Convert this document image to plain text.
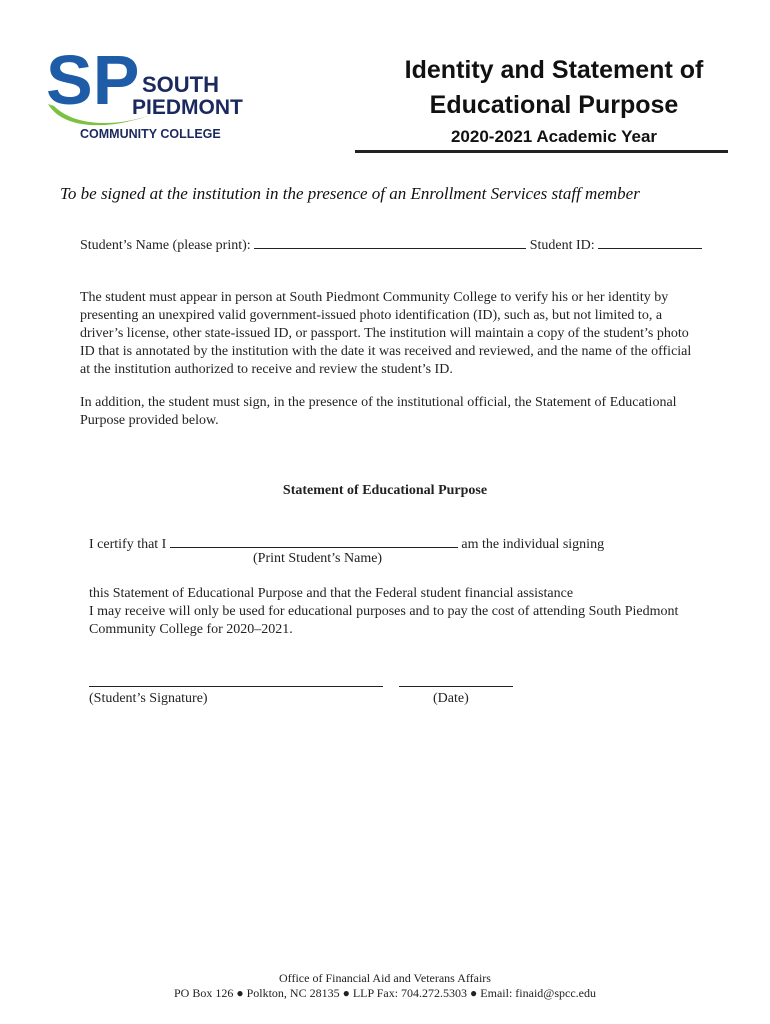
SP SOUTH
PIEDMONT
COMMUNITY COLLEGE
Identity and Statement of
Educational Purpose
2020-2021 Academic Year
To be signed at the institution in the presence of an Enrollment Services staff member
Student’s Name (please print):	Student ID:
The student must appear in person at South Piedmont Community College to verify his or her identity by
presenting an unexpired valid government-issued photo identification (ID), such as, but not limited to, a
driver’s license, other state-issued ID, or passport. The institution will maintain a copy of the student’s photo
ID that is annotated by the institution with the date it was received and reviewed, and the name of the official
at the institution authorized to receive and review the student’s ID.
In addition, the student must sign, in the presence of the institutional official, the Statement of Educational
Purpose provided below.
Statement of Educational Purpose
I certify that I	am the individual signing
(Print Student’s Name)
this Statement of Educational Purpose and that the Federal student financial assistance
I may receive will only be used for educational purposes and to pay the cost of attending South Piedmont
Community College for 2020–2021.
(Student’s Signature)	(Date)
Office of Financial Aid and Veterans Affairs
PO Box 126 ● Polkton, NC 28135 ● LLP Fax: 704.272.5303 ● Email: finaid@spcc.edu
